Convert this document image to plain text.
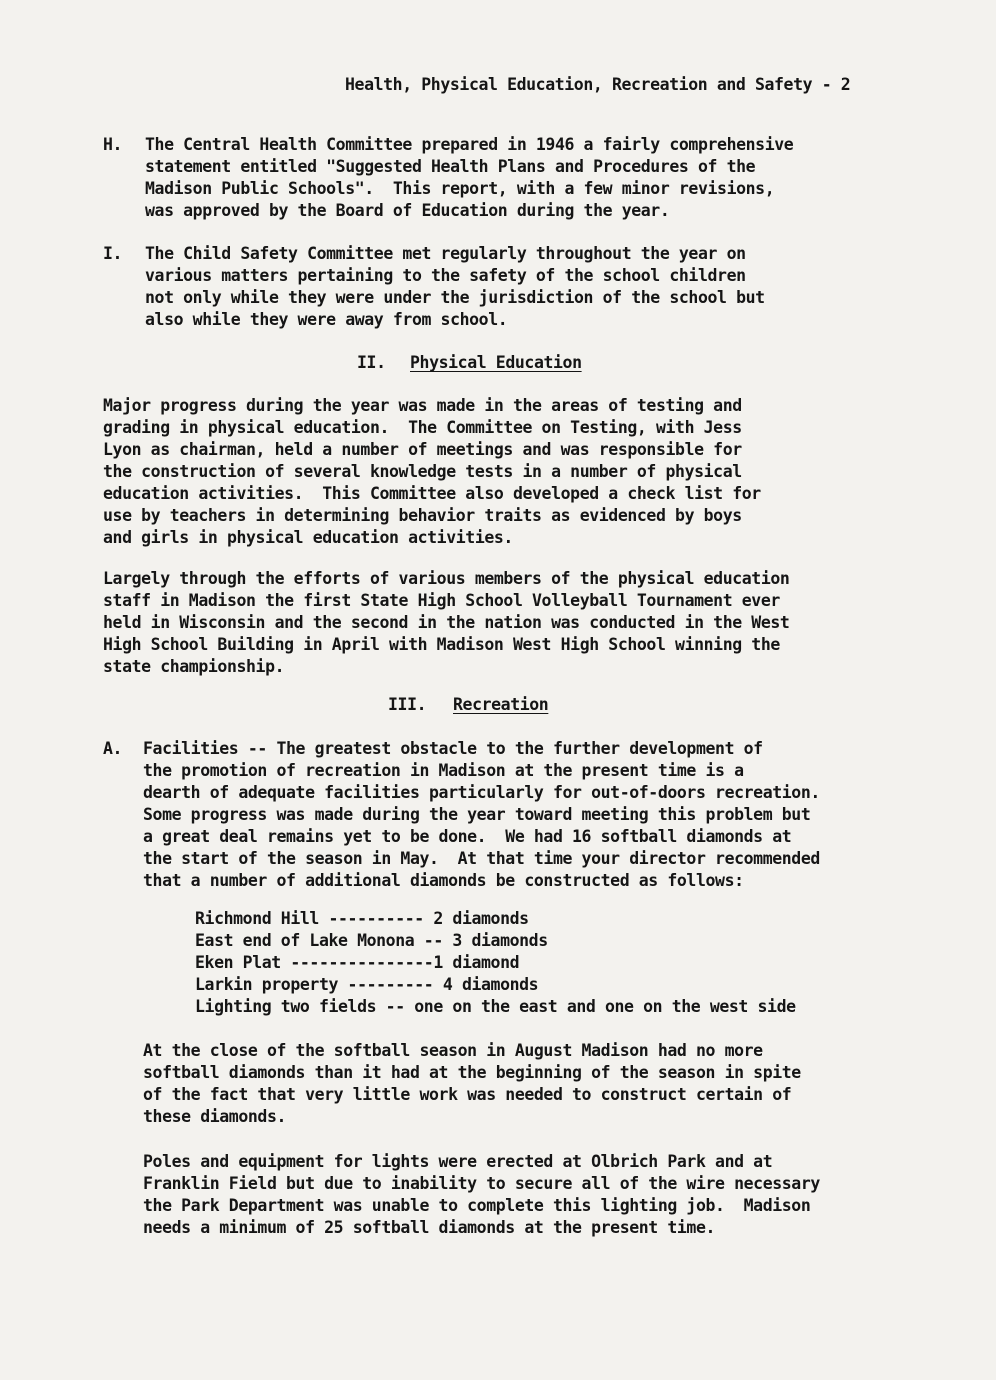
Health, Physical Education, Recreation and Safety - 2
H. The Central Health Committee prepared in 1946 a fairly comprehensive
statement entitled "Suggested Health Plans and Procedures of the
Madison Public Schools".  This report, with a few minor revisions,
was approved by the Board of Education during the year.
I. The Child Safety Committee met regularly throughout the year on
various matters pertaining to the safety of the school children
not only while they were under the jurisdiction of the school but
also while they were away from school.
II. Physical Education
Major progress during the year was made in the areas of testing and
grading in physical education.  The Committee on Testing, with Jess
Lyon as chairman, held a number of meetings and was responsible for
the construction of several knowledge tests in a number of physical
education activities.  This Committee also developed a check list for
use by teachers in determining behavior traits as evidenced by boys
and girls in physical education activities.
Largely through the efforts of various members of the physical education
staff in Madison the first State High School Volleyball Tournament ever
held in Wisconsin and the second in the nation was conducted in the West
High School Building in April with Madison West High School winning the
state championship.
III. Recreation
A. Facilities -- The greatest obstacle to the further development of
the promotion of recreation in Madison at the present time is a
dearth of adequate facilities particularly for out-of-doors recreation.
Some progress was made during the year toward meeting this problem but
a great deal remains yet to be done.  We had 16 softball diamonds at
the start of the season in May.  At that time your director recommended
that a number of additional diamonds be constructed as follows:
Richmond Hill ---------- 2 diamonds
East end of Lake Monona -- 3 diamonds
Eken Plat ---------------1 diamond
Larkin property --------- 4 diamonds
Lighting two fields -- one on the east and one on the west side
At the close of the softball season in August Madison had no more
softball diamonds than it had at the beginning of the season in spite
of the fact that very little work was needed to construct certain of
these diamonds.
Poles and equipment for lights were erected at Olbrich Park and at
Franklin Field but due to inability to secure all of the wire necessary
the Park Department was unable to complete this lighting job.  Madison
needs a minimum of 25 softball diamonds at the present time.
